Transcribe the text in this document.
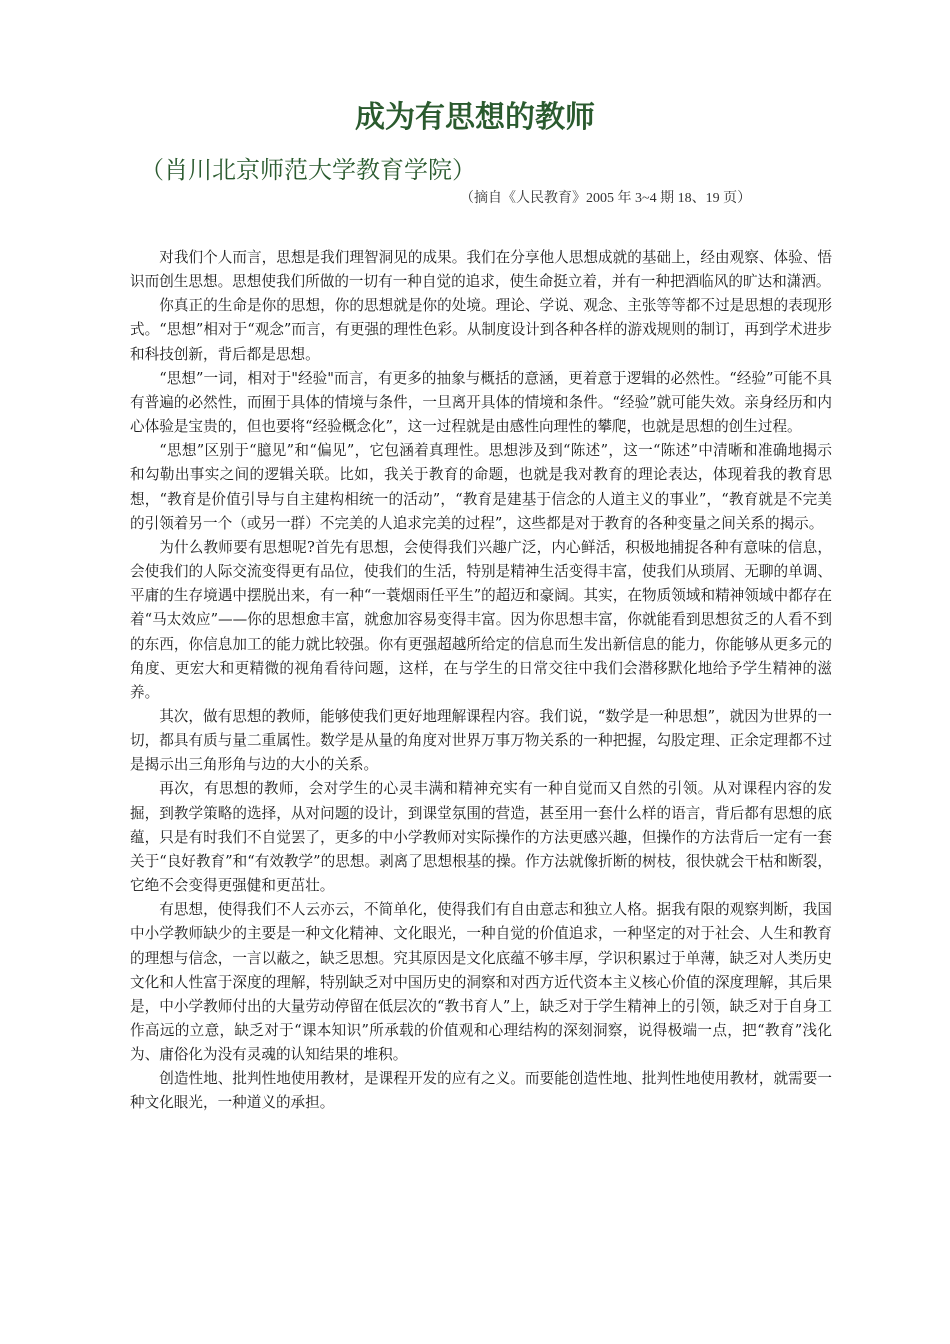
成为有思想的教师
（肖川北京师范大学教育学院）
（摘自《人民教育》2005 年 3~4 期 18、19 页）

对我们个人而言，思想是我们理智洞见的成果。我们在分享他人思想成就的基础上，经由观察、体验、悟识而创生思想。思想使我们所做的一切有一种自觉的追求，使生命挺立着，并有一种把酒临风的旷达和潇洒。

你真正的生命是你的思想，你的思想就是你的处境。理论、学说、观念、主张等等都不过是思想的表现形式。“思想”相对于“观念”而言，有更强的理性色彩。从制度设计到各种各样的游戏规则的制订，再到学术进步和科技创新，背后都是思想。

“思想”一词，相对于"经验"而言，有更多的抽象与概括的意涵，更着意于逻辑的必然性。“经验”可能不具有普遍的必然性，而囿于具体的情境与条件，一旦离开具体的情境和条件。“经验”就可能失效。亲身经历和内心体验是宝贵的，但也要将“经验概念化”，这一过程就是由感性向理性的攀爬，也就是思想的创生过程。

“思想”区别于“臆见”和“偏见”，它包涵着真理性。思想涉及到“陈述”，这一“陈述”中清晰和准确地揭示和勾勒出事实之间的逻辑关联。比如，我关于教育的命题，也就是我对教育的理论表达，体现着我的教育思想，“教育是价值引导与自主建构相统一的活动”，“教育是建基于信念的人道主义的事业”，“教育就是不完美的引领着另一个（或另一群）不完美的人追求完美的过程”，这些都是对于教育的各种变量之间关系的揭示。

为什么教师要有思想呢?首先有思想，会使得我们兴趣广泛，内心鲜活，积极地捕捉各种有意味的信息，会使我们的人际交流变得更有品位，使我们的生活，特别是精神生活变得丰富，使我们从琐屑、无聊的单调、平庸的生存境遇中摆脱出来，有一种“一蓑烟雨任平生”的超迈和豪阔。其实，在物质领域和精神领域中都存在着“马太效应”——你的思想愈丰富，就愈加容易变得丰富。因为你思想丰富，你就能看到思想贫乏的人看不到的东西，你信息加工的能力就比较强。你有更强超越所给定的信息而生发出新信息的能力，你能够从更多元的角度、更宏大和更精微的视角看待问题，这样，在与学生的日常交往中我们会潜移默化地给予学生精神的滋养。

其次，做有思想的教师，能够使我们更好地理解课程内容。我们说，“数学是一种思想”，就因为世界的一切，都具有质与量二重属性。数学是从量的角度对世界万事万物关系的一种把握，勾股定理、正余定理都不过是揭示出三角形角与边的大小的关系。

再次，有思想的教师，会对学生的心灵丰满和精神充实有一种自觉而又自然的引领。从对课程内容的发掘，到教学策略的选择，从对问题的设计，到课堂氛围的营造，甚至用一套什么样的语言，背后都有思想的底蕴，只是有时我们不自觉罢了，更多的中小学教师对实际操作的方法更感兴趣，但操作的方法背后一定有一套关于“良好教育”和“有效教学”的思想。剥离了思想根基的操。作方法就像折断的树枝，很快就会干枯和断裂，它绝不会变得更强健和更茁壮。

有思想，使得我们不人云亦云，不简单化，使得我们有自由意志和独立人格。据我有限的观察判断，我国中小学教师缺少的主要是一种文化精神、文化眼光，一种自觉的价值追求，一种坚定的对于社会、人生和教育的理想与信念，一言以蔽之，缺乏思想。究其原因是文化底蕴不够丰厚，学识积累过于单薄，缺乏对人类历史文化和人性富于深度的理解，特别缺乏对中国历史的洞察和对西方近代资本主义核心价值的深度理解，其后果是，中小学教师付出的大量劳动停留在低层次的“教书育人”上，缺乏对于学生精神上的引领，缺乏对于自身工作高远的立意，缺乏对于“课本知识”所承载的价值观和心理结构的深刻洞察，说得极端一点，把“教育”浅化为、庸俗化为没有灵魂的认知结果的堆积。

创造性地、批判性地使用教材，是课程开发的应有之义。而要能创造性地、批判性地使用教材，就需要一种文化眼光，一种道义的承担。
